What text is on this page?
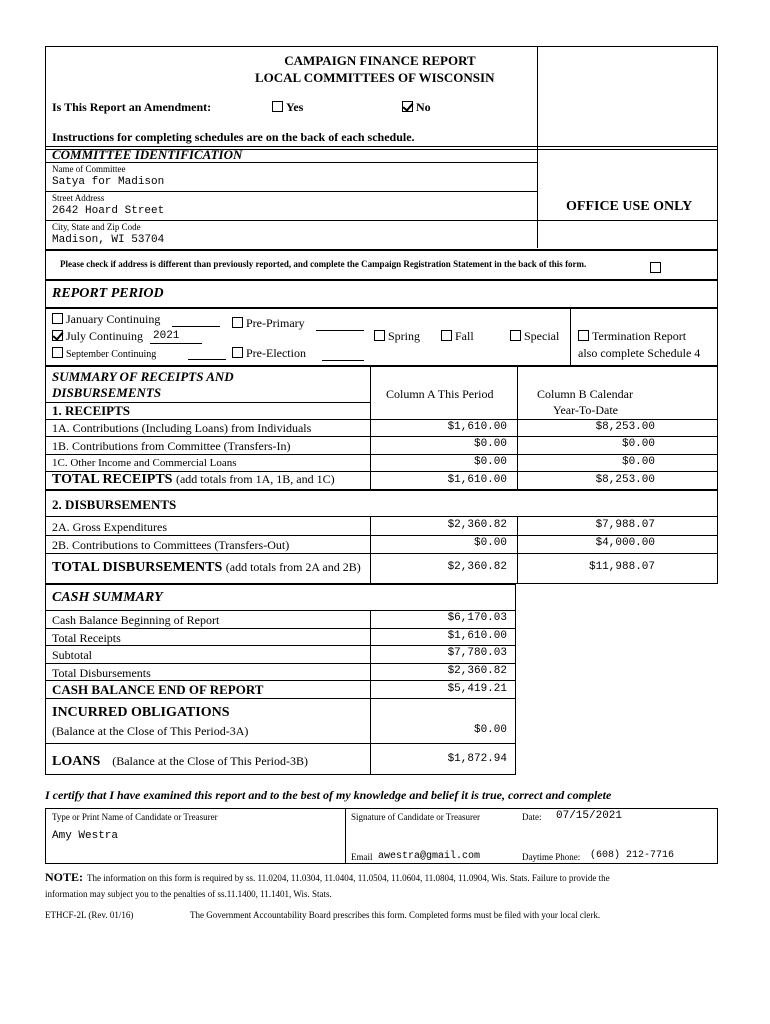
CAMPAIGN FINANCE REPORT
LOCAL COMMITTEES OF WISCONSIN
Is This Report an Amendment:	Yes	No
Instructions for completing schedules are on the back of each schedule.
COMMITTEE IDENTIFICATION
Name of Committee
Satya for Madison
Street Address
2642 Hoard Street
City, State and Zip Code
Madison, WI 53704
OFFICE USE ONLY
Please check if address is different than previously reported, and complete the Campaign Registration Statement in the back of this form.
REPORT PERIOD
January Continuing
July Continuing 2021
September Continuing
Pre-Primary
Pre-Election
Spring	Fall	Special	Termination Report
also complete Schedule 4
SUMMARY OF RECEIPTS AND
DISBURSEMENTS	Column A This Period	Column B Calendar
Year-To-Date
1. RECEIPTS
1A. Contributions (Including Loans) from Individuals	$1,610.00	$8,253.00
1B. Contributions from Committee (Transfers-In)	$0.00	$0.00
1C. Other Income and Commercial Loans	$0.00	$0.00
TOTAL RECEIPTS (add totals from 1A, 1B, and 1C)	$1,610.00	$8,253.00
2. DISBURSEMENTS
2A. Gross Expenditures	$2,360.82	$7,988.07
2B. Contributions to Committees (Transfers-Out)	$0.00	$4,000.00
TOTAL DISBURSEMENTS (add totals from 2A and 2B)	$2,360.82	$11,988.07
CASH SUMMARY
Cash Balance Beginning of Report	$6,170.03
Total Receipts	$1,610.00
Subtotal	$7,780.03
Total Disbursements	$2,360.82
CASH BALANCE END OF REPORT	$5,419.21
INCURRED OBLIGATIONS
(Balance at the Close of This Period-3A)	$0.00
LOANS (Balance at the Close of This Period-3B)	$1,872.94
I certify that I have examined this report and to the best of my knowledge and belief it is true, correct and complete
Type or Print Name of Candidate or Treasurer
Amy Westra
Signature of Candidate or Treasurer	Date: 07/15/2021
Email awestra@gmail.com	Daytime Phone: (608) 212-7716
NOTE: The information on this form is required by ss. 11.0204, 11.0304, 11.0404, 11.0504, 11.0604, 11.0804, 11.0904, Wis. Stats. Failure to provide the
information may subject you to the penalties of ss.11.1400, 11.1401, Wis. Stats.
ETHCF-2L (Rev. 01/16)	The Government Accountability Board prescribes this form. Completed forms must be filed with your local clerk.
